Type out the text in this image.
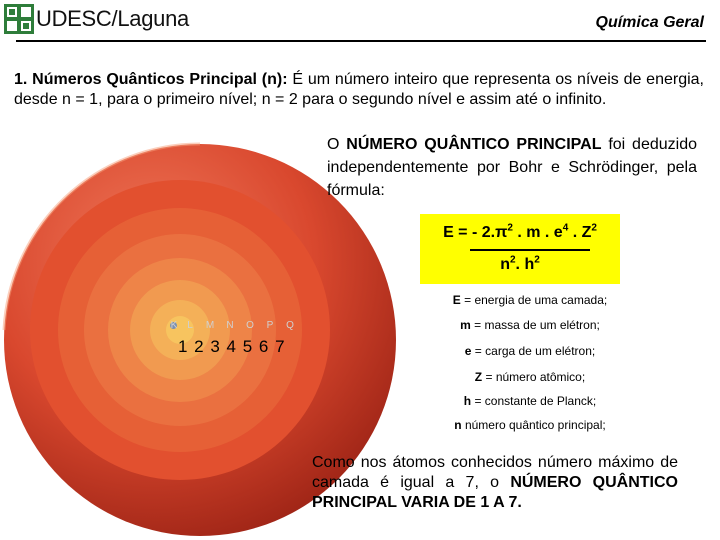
UDESC/Laguna	Química Geral

1. Números Quânticos Principal (n): É um número inteiro que representa os níveis de energia, desde n = 1, para o primeiro nível; n = 2 para o segundo nível e assim até o infinito.

K L M N O P Q
1 2 3 4 5 6 7

O NÚMERO QUÂNTICO PRINCIPAL foi deduzido independentemente por Bohr e Schrödinger, pela fórmula:

E = - $2.\pi^2$ . m . $e^4$ . $Z^2$
$n^2$. $h^2$
E = energia de uma camada;
m = massa de um elétron;
e = carga de um elétron;
Z = número atômico;
h = constante de Planck;
n número quântico principal;

Como nos átomos conhecidos número máximo de camada é igual a 7, o NÚMERO QUÂNTICO PRINCIPAL VARIA DE 1 A 7.
